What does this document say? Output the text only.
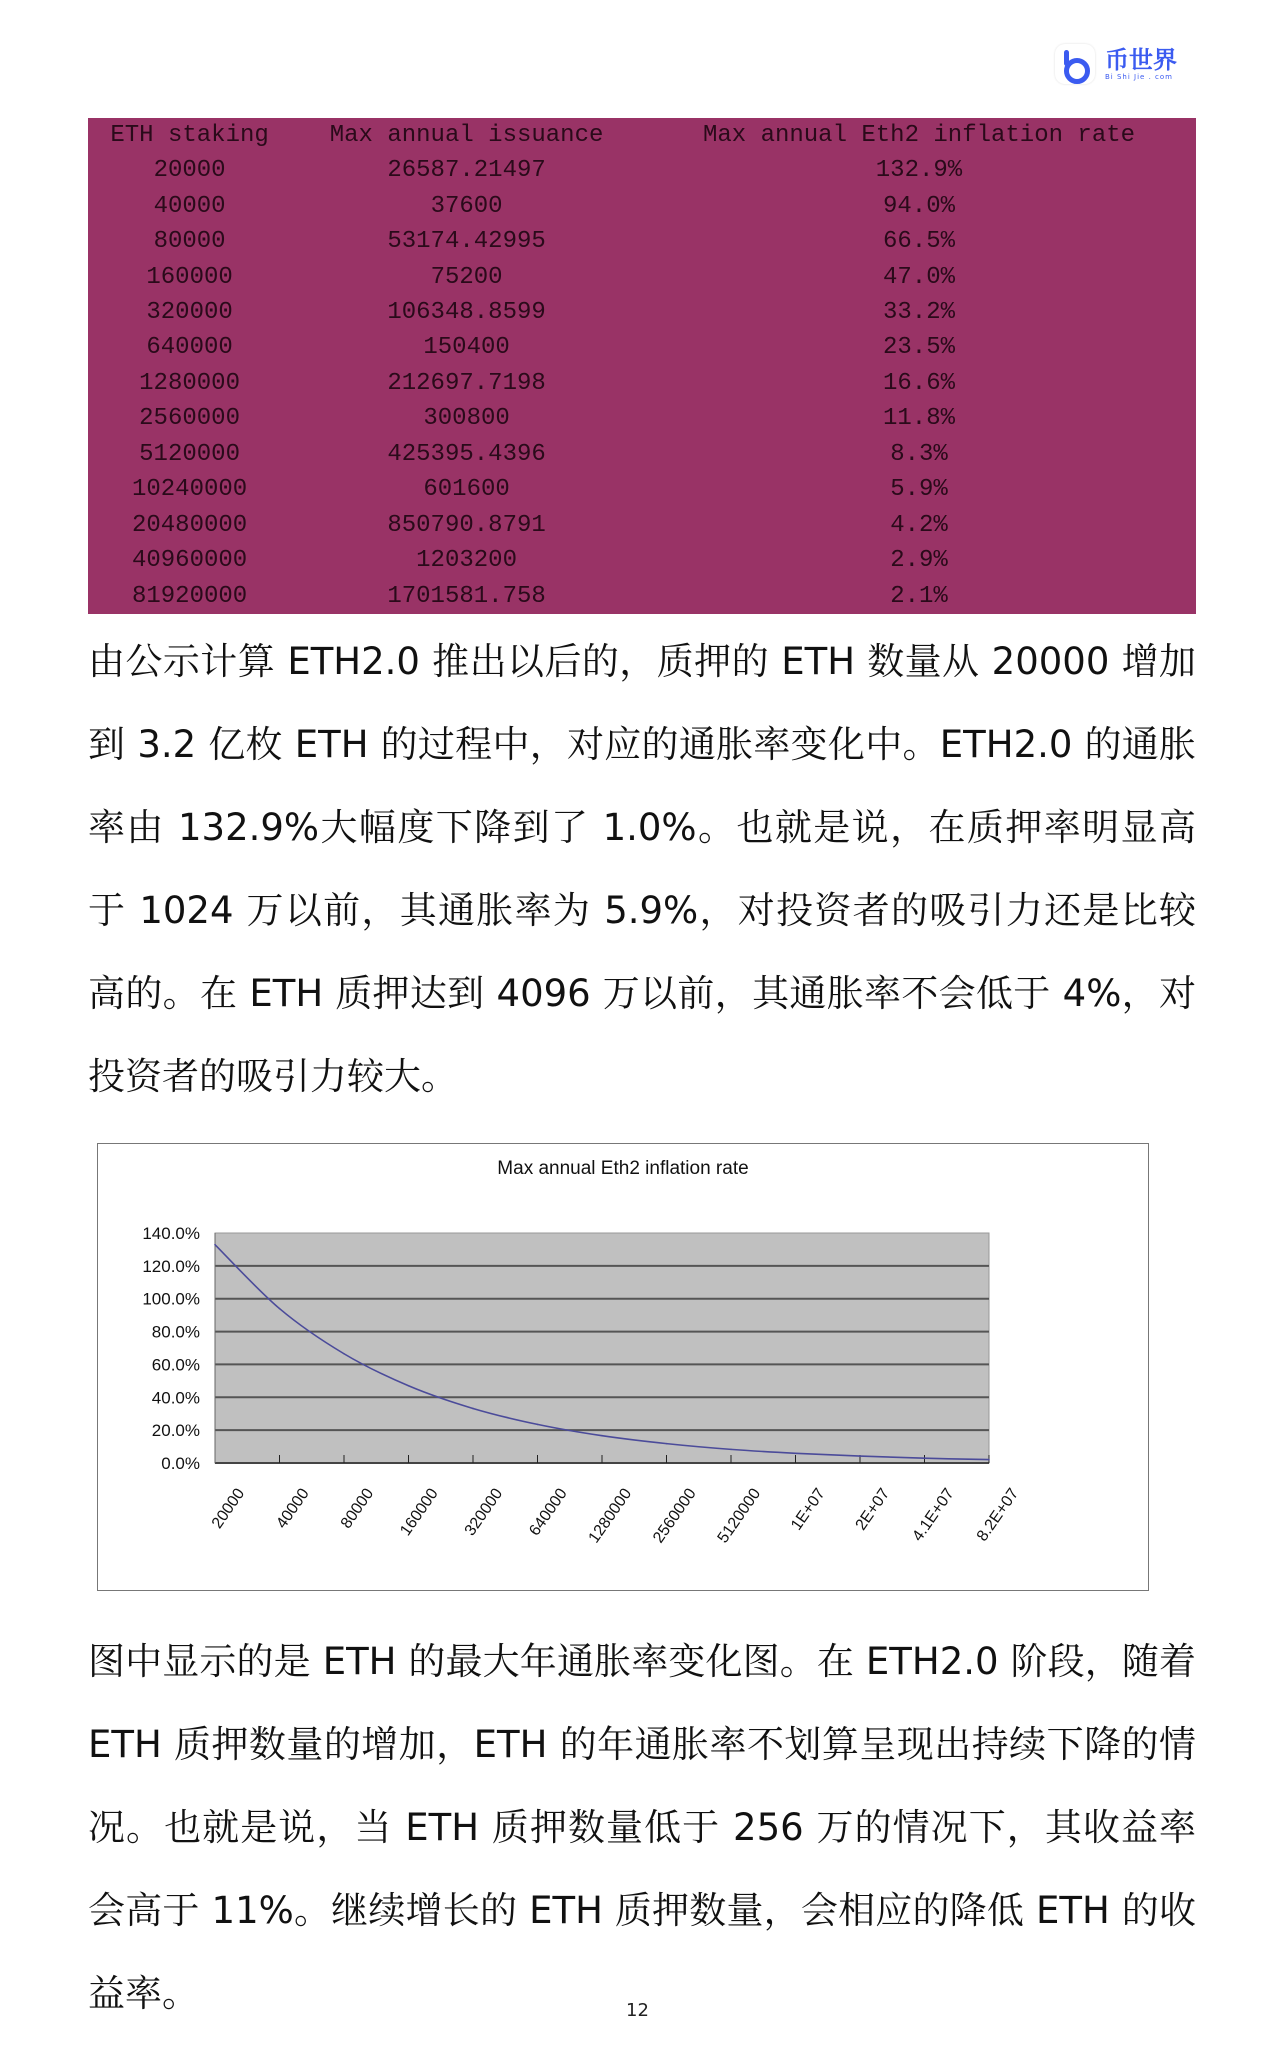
币世界
Bi Shi Jie . com
ETH staking	Max annual issuance	Max annual Eth2 inflation rate
20000	26587.21497	132.9%
40000	37600	94.0%
80000	53174.42995	66.5%
160000	75200	47.0%
320000	106348.8599	33.2%
640000	150400	23.5%
1280000	212697.7198	16.6%
2560000	300800	11.8%
5120000	425395.4396	8.3%
10240000	601600	5.9%
20480000	850790.8791	4.2%
40960000	1203200	2.9%
81920000	1701581.758	2.1%
由公示计算 ETH2.0 推出以后的，质押的 ETH 数量从 20000 增加到 3.2 亿枚 ETH 的过程中，对应的通胀率变化中。ETH2.0 的通胀率由 132.9%大幅度下降到了 1.0%。也就是说，在质押率明显高于 1024 万以前，其通胀率为 5.9%，对投资者的吸引力还是比较高的。在 ETH 质押达到 4096 万以前，其通胀率不会低于 4%，对投资者的吸引力较大。
Max annual Eth2 inflation rate
0.0%
20.0%
40.0%
60.0%
80.0%
100.0%
120.0%
140.0%
20000 40000 80000 160000 320000 640000 1280000 2560000 5120000 1E+07 2E+07 4.1E+07 8.2E+07
图中显示的是 ETH 的最大年通胀率变化图。在 ETH2.0 阶段，随着 ETH 质押数量的增加，ETH 的年通胀率不划算呈现出持续下降的情况。也就是说，当 ETH 质押数量低于 256 万的情况下，其收益率会高于 11%。继续增长的 ETH 质押数量，会相应的降低 ETH 的收益率。	12
